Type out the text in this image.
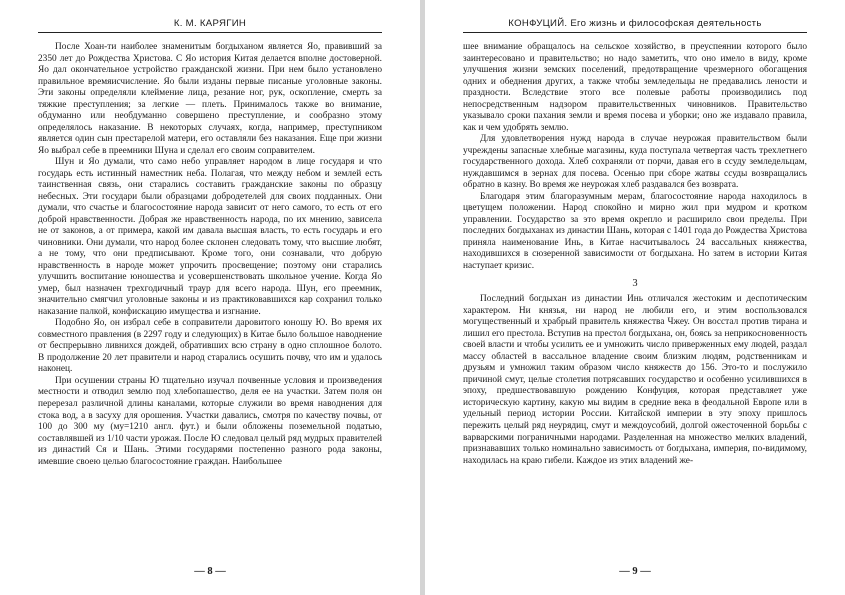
К. М. КАРЯГИН

После Хоан-ти наиболее знаменитым богдыханом является Яо, правивший за 2350 лет до Рождества Христова. С Яо история Китая делается вполне достоверной. Яо дал окончательное устройство гражданской жизни. При нем было установлено правильное времяисчисление. Яо были изданы первые писаные уголовные законы. Эти законы определяли клеймение лица, резание ног, рук, оскопление, смерть за тяжкие преступления; за легкие — плеть. Принималось также во внимание, обдуманно или необдуманно совершено преступление, и сообразно этому определялось наказание. В некоторых случаях, когда, например, преступником является один сын престарелой матери, его оставляли без наказания. Еще при жизни Яо выбрал себе в преемники Шуна и сделал его своим соправителем.

Шун и Яо думали, что само небо управляет народом в лице государя и что государь есть истинный наместник неба. Полагая, что между небом и землей есть таинственная связь, они старались составить гражданские законы по образцу небесных. Эти государи были образцами добродетелей для своих подданных. Они думали, что счастье и благосостояние народа зависит от него самого, то есть от его доброй нравственности. Добрая же нравственность народа, по их мнению, зависела не от законов, а от примера, какой им давала высшая власть, то есть государь и его чиновники. Они думали, что народ более склонен следовать тому, что высшие любят, а не тому, что они предписывают. Кроме того, они сознавали, что добрую нравственность в народе может упрочить просвещение; поэтому они старались улучшить воспитание юношества и усовершенствовать школьное учение. Когда Яо умер, был назначен трехгодичный траур для всего народа. Шун, его преемник, значительно смягчил уголовные законы и из практиковавшихся кар сохранил только наказание палкой, конфискацию имущества и изгнание.

Подобно Яо, он избрал себе в соправители даровитого юношу Ю. Во время их совместного правления (в 2297 году и следующих) в Китае было большое наводнение от беспрерывно ливнихся дождей, обративших всю страну в одно сплошное болото. В продолжение 20 лет правители и народ старались осушить почву, что им и удалось наконец.

При осушении страны Ю тщательно изучал почвенные условия и произведения местности и отводил землю под хлебопашество, деля ее на участки. Затем поля он перерезал различной длины каналами, которые служили во время наводнения для стока вод, а в засуху для орошения. Участки давались, смотря по качеству почвы, от 100 до 300 му (му=1210 англ. фут.) и были обложены поземельной податью, составлявшей из 1/10 части урожая. После Ю следовал целый ряд мудрых правителей из династий Ся и Шань. Этими государями постепенно разного рода законы, имевшие своею целью благосостояние граждан. Наибольшее

— 8 —
КОНФУЦИЙ. Его жизнь и философская деятельность

шее внимание обращалось на сельское хозяйство, в преуспеянии которого было заинтересовано и правительство; но надо заметить, что оно имело в виду, кроме улучшения жизни земских поселений, предотвращение чрезмерного обогащения одних и обеднения других, а также чтобы земледельцы не предавались лености и праздности. Вследствие этого все полевые работы производились под непосредственным надзором правительственных чиновников. Правительство указывало сроки пахания земли и время посева и уборки; оно же издавало правила, как и чем удобрять землю.

Для удовлетворения нужд народа в случае неурожая правительством были учреждены запасные хлебные магазины, куда поступала четвертая часть трехлетнего государственного дохода. Хлеб сохраняли от порчи, давая его в ссуду земледельцам, нуждавшимся в зернах для посева. Осенью при сборе жатвы ссуды возвращались обратно в казну. Во время же неурожая хлеб раздавался без возврата.

Благодаря этим благоразумным мерам, благосостояние народа находилось в цветущем положении. Народ спокойно и мирно жил при мудром и кротком управлении. Государство за это время окрепло и расширило свои пределы. При последних богдыханах из династии Шань, которая с 1401 года до Рождества Христова приняла наименование Инь, в Китае насчитывалось 24 вассальных княжества, находившихся в сюзеренной зависимости от богдыхана. Но затем в истории Китая наступает кризис.

3

Последний богдыхан из династии Инь отличался жестоким и деспотическим характером. Ни князья, ни народ не любили его, и этим воспользовался могущественный и храбрый правитель княжества Чжеу. Он восстал против тирана и лишил его престола. Вступив на престол богдыхана, он, боясь за неприкосновенность своей власти и чтобы усилить ее и умножить число приверженных ему людей, раздал массу областей в вассальное владение своим близким людям, родственникам и друзьям и умножил таким образом число княжеств до 156. Это-то и послужило причиной смут, целые столетия потрясавших государство и особенно усилившихся в эпоху, предшествовавшую рождению Конфуция, которая представляет уже историческую картину, какую мы видим в средние века в феодальной Европе или в удельный период истории России. Китайской империи в эту эпоху пришлось пережить целый ряд неурядиц, смут и междоусобий, долгой ожесточенной борьбы с варварскими пограничными народами. Разделенная на множество мелких владений, признававших только номинально зависимость от богдыхана, империя, по-видимому, находилась на краю гибели. Каждое из этих владений же-

— 9 —
